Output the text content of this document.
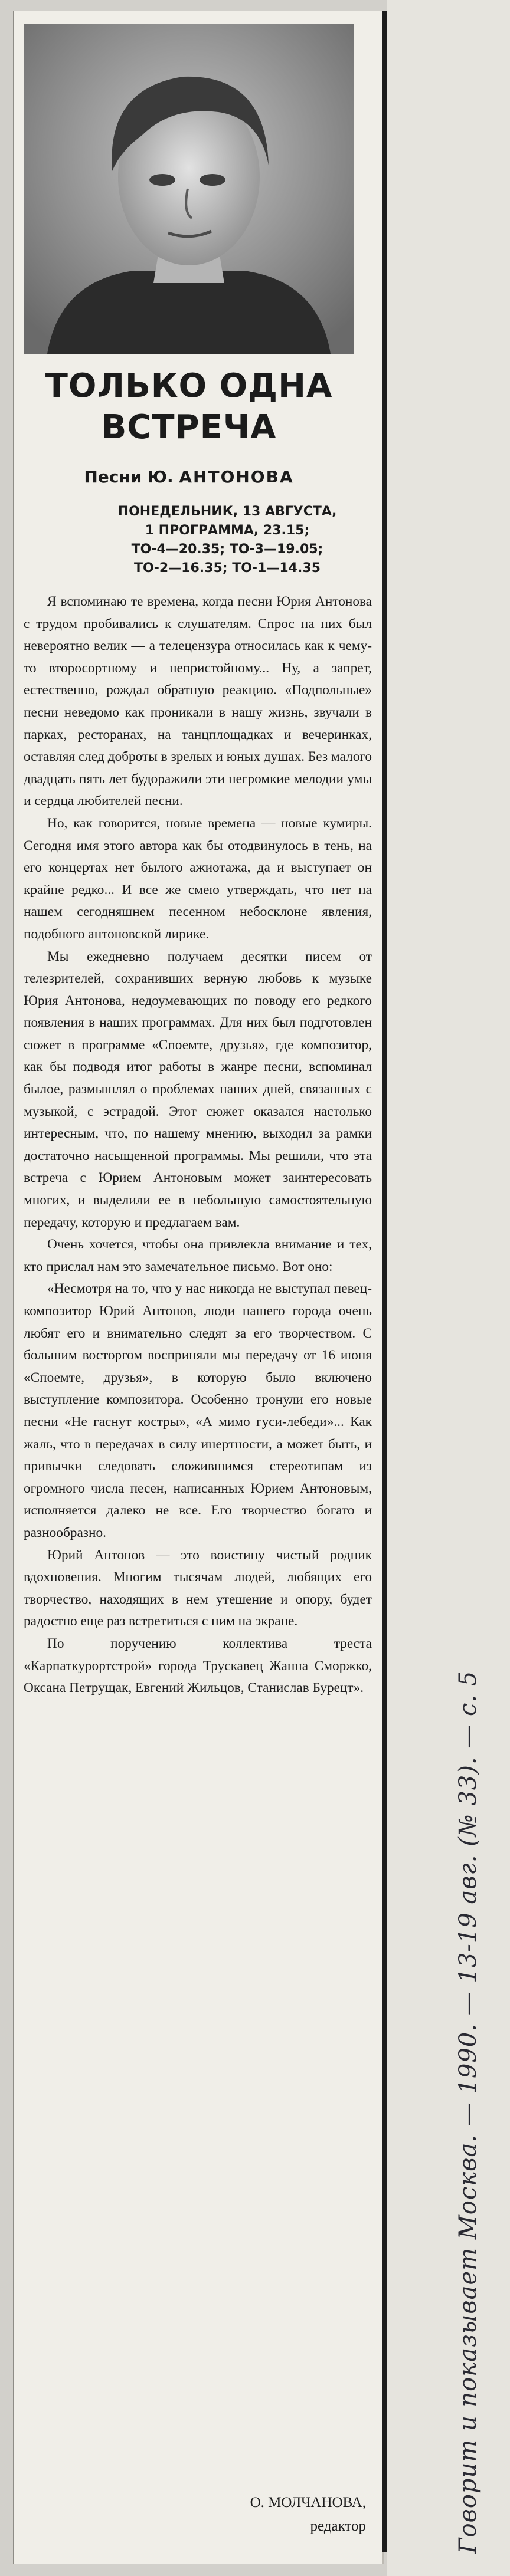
ТОЛЬКО ОДНА
ВСТРЕЧА
Песни Ю. АНТОНОВА
ПОНЕДЕЛЬНИК, 13 АВГУСТА,
1 ПРОГРАММА, 23.15;
ТО-4—20.35; ТО-3—19.05;
ТО-2—16.35; ТО-1—14.35

Я вспоминаю те времена, когда песни Юрия Антонова с трудом пробивались к слушателям. Спрос на них был невероятно велик — а телецензура относилась как к чему-то второсортному и непристойному... Ну, а запрет, естественно, рождал обратную реакцию. «Подпольные» песни неведомо как проникали в нашу жизнь, звучали в парках, ресторанах, на танцплощадках и вечеринках, оставляя след доброты в зрелых и юных душах. Без малого двадцать пять лет будоражили эти негромкие мелодии умы и сердца любителей песни.

Но, как говорится, новые времена — новые кумиры. Сегодня имя этого автора как бы отодвинулось в тень, на его концертах нет былого ажиотажа, да и выступает он крайне редко... И все же смею утверждать, что нет на нашем сегодняшнем песенном небосклоне явления, подобного антоновской лирике.

Мы ежедневно получаем десятки писем от телезрителей, сохранивших верную любовь к музыке Юрия Антонова, недоумевающих по поводу его редкого появления в наших программах. Для них был подготовлен сюжет в программе «Споемте, друзья», где композитор, как бы подводя итог работы в жанре песни, вспоминал былое, размышлял о проблемах наших дней, связанных с музыкой, с эстрадой. Этот сюжет оказался настолько интересным, что, по нашему мнению, выходил за рамки достаточно насыщенной программы. Мы решили, что эта встреча с Юрием Антоновым может заинтересовать многих, и выделили ее в небольшую самостоятельную передачу, которую и предлагаем вам.

Очень хочется, чтобы она привлекла внимание и тех, кто прислал нам это замечательное письмо. Вот оно:

«Несмотря на то, что у нас никогда не выступал певец-композитор Юрий Антонов, люди нашего города очень любят его и внимательно следят за его творчеством. С большим восторгом восприняли мы передачу от 16 июня «Споемте, друзья», в которую было включено выступление композитора. Особенно тронули его новые песни «Не гаснут костры», «А мимо гуси-лебеди»... Как жаль, что в передачах в силу инертности, а может быть, и привычки следовать сложившимся стереотипам из огромного числа песен, написанных Юрием Антоновым, исполняется далеко не все. Его творчество богато и разнообразно.

Юрий Антонов — это воистину чистый родник вдохновения. Многим тысячам людей, любящих его творчество, находящих в нем утешение и опору, будет радостно еще раз встретиться с ним на экране.

По поручению коллектива треста «Карпаткурортстрой» города Трускавец Жанна Сморжко, Оксана Петрущак, Евгений Жильцов, Станислав Бурецт».

О. МОЛЧАНОВА,
редактор	Говорит и показывает Москва. — 1990. — 13-19 авг. (№ 33). — с. 5
